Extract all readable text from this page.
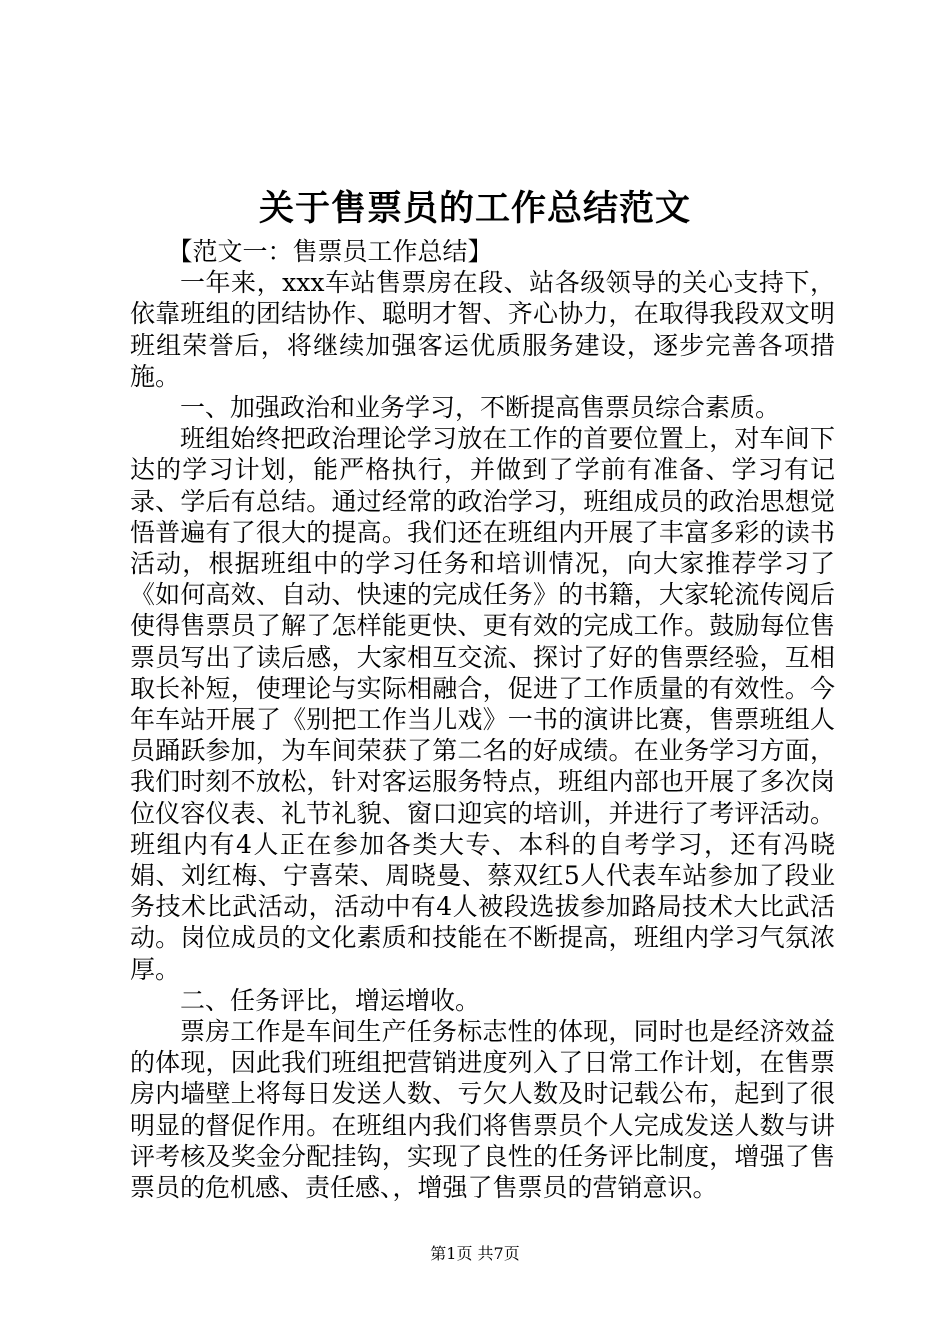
关于售票员的工作总结范文

【范文一：售票员工作总结】

一年来，xxx车站售票房在段、站各级领导的关心支持下，依靠班组的团结协作、聪明才智、齐心协力，在取得我段双文明班组荣誉后，将继续加强客运优质服务建设，逐步完善各项措施。

一、加强政治和业务学习，不断提高售票员综合素质。

班组始终把政治理论学习放在工作的首要位置上，对车间下达的学习计划，能严格执行，并做到了学前有准备、学习有记录、学后有总结。通过经常的政治学习，班组成员的政治思想觉悟普遍有了很大的提高。我们还在班组内开展了丰富多彩的读书活动，根据班组中的学习任务和培训情况，向大家推荐学习了《如何高效、自动、快速的完成任务》的书籍，大家轮流传阅后使得售票员了解了怎样能更快、更有效的完成工作。鼓励每位售票员写出了读后感，大家相互交流、探讨了好的售票经验，互相取长补短，使理论与实际相融合，促进了工作质量的有效性。今年车站开展了《别把工作当儿戏》一书的演讲比赛，售票班组人员踊跃参加，为车间荣获了第二名的好成绩。在业务学习方面，我们时刻不放松，针对客运服务特点，班组内部也开展了多次岗位仪容仪表、礼节礼貌、窗口迎宾的培训，并进行了考评活动。班组内有4人正在参加各类大专、本科的自考学习，还有冯晓娟、刘红梅、宁喜荣、周晓曼、蔡双红5人代表车站参加了段业务技术比武活动，活动中有4人被段选拔参加路局技术大比武活动。岗位成员的文化素质和技能在不断提高，班组内学习气氛浓厚。

二、任务评比，增运增收。

票房工作是车间生产任务标志性的体现，同时也是经济效益的体现，因此我们班组把营销进度列入了日常工作计划，在售票房内墙壁上将每日发送人数、亏欠人数及时记载公布，起到了很明显的督促作用。在班组内我们将售票员个人完成发送人数与讲评考核及奖金分配挂钩，实现了良性的任务评比制度，增强了售票员的危机感、责任感、，增强了售票员的营销意识。

第1页 共7页
